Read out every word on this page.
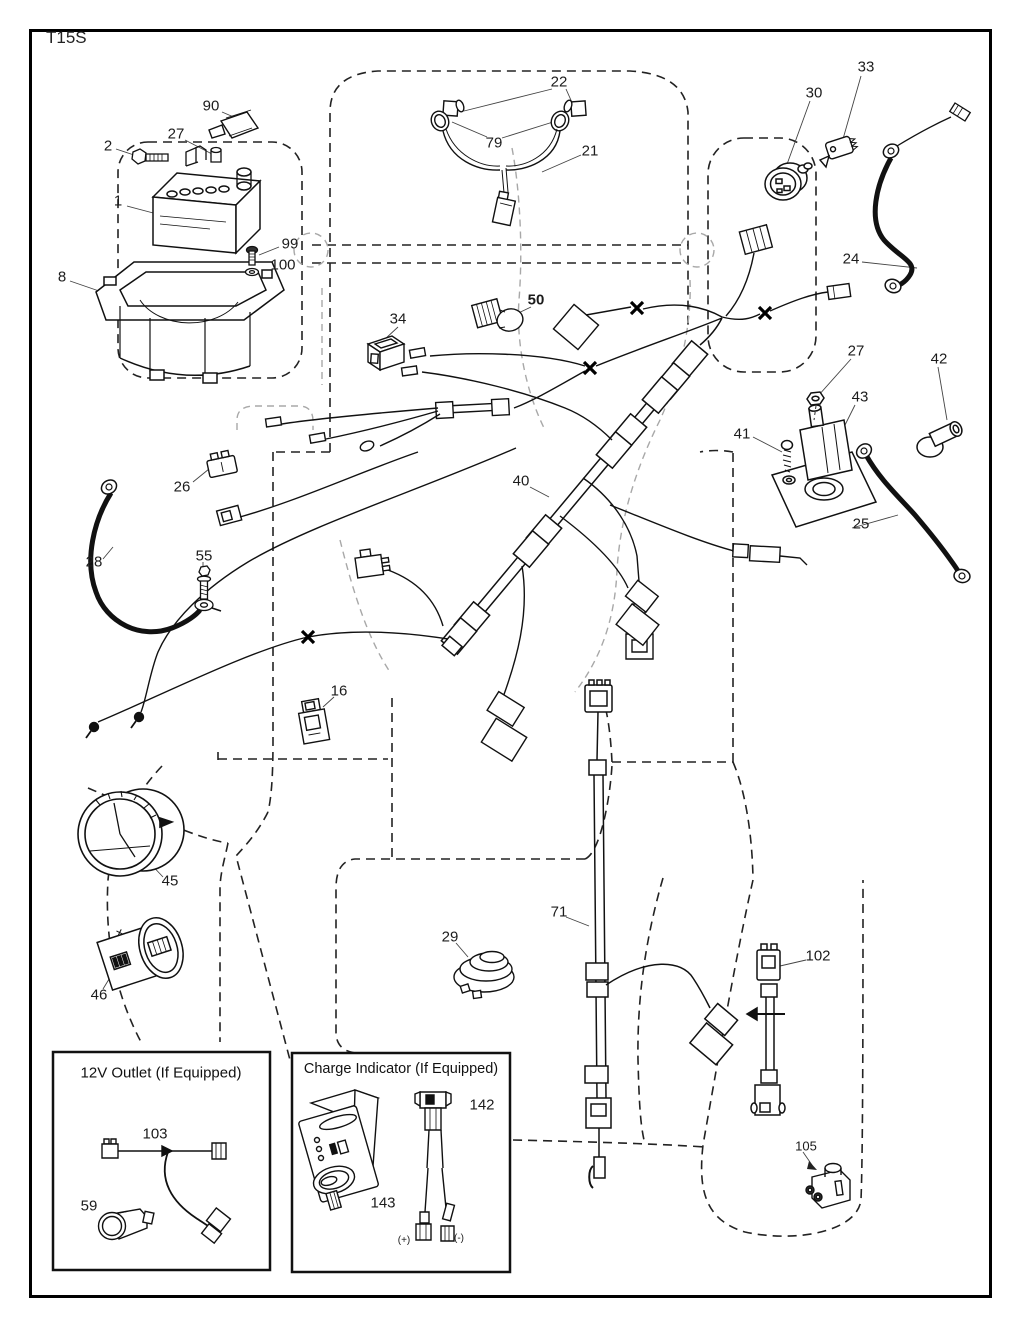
T15S
12V Outlet (If Equipped)	Charge Indicator (If Equipped)
90
27
2
1
99
100
8
22
79	21
30
33
24
50
34
27	42
43
41
25
40
26
28	55
16
45
46
29
71
102
105
103
59
142
143
(+)	(-)
